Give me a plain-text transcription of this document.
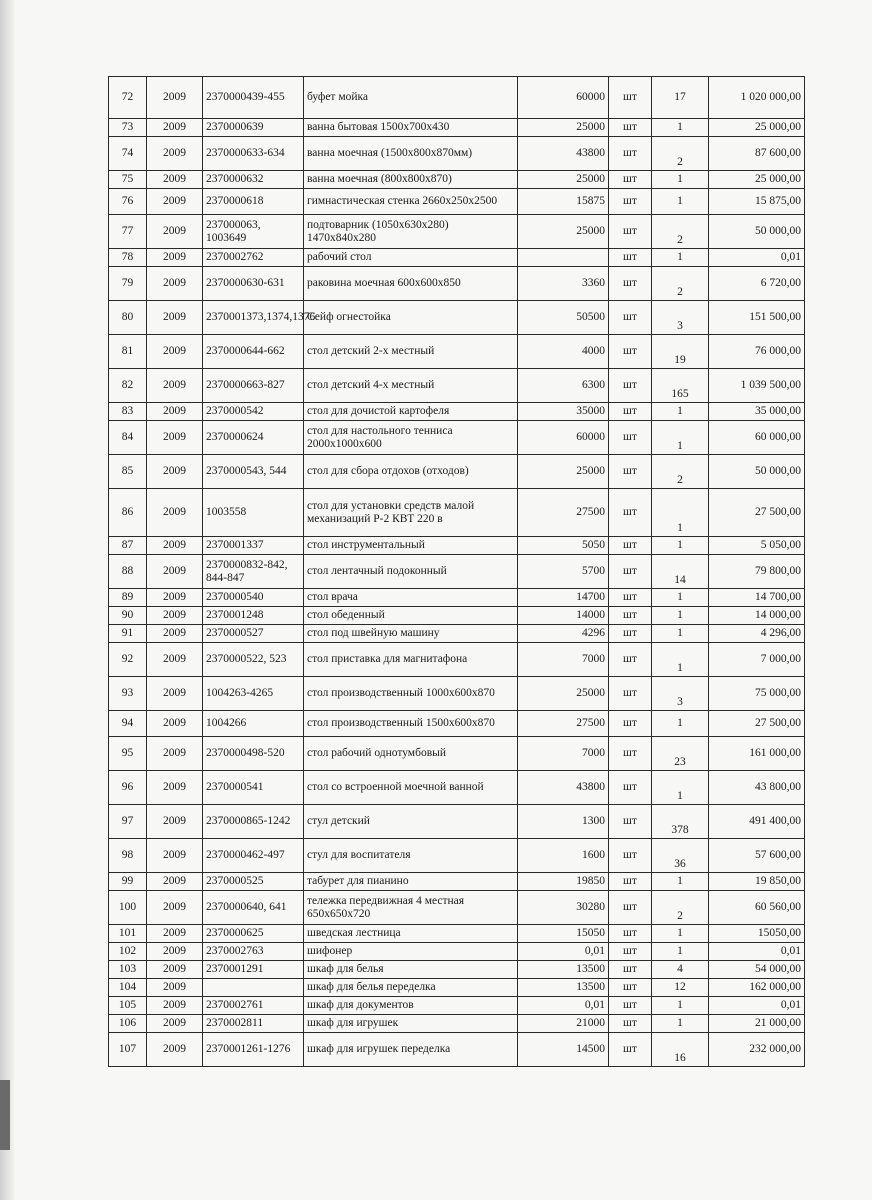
72	2009	2370000439-455	буфет мойка	60000	шт	17	1 020 000,00
73	2009	2370000639	ванна бытовая 1500х700х430	25000	шт	1	25 000,00
74	2009	2370000633-634	ванна моечная (1500х800х870мм)	43800	шт	2	87 600,00
75	2009	2370000632	ванна моечная (800х800х870)	25000	шт	1	25 000,00
76	2009	2370000618	гимнастическая стенка 2660х250х2500	15875	шт	1	15 875,00
77	2009	237000063, 1003649	подтоварник (1050х630х280) 1470х840х280	25000	шт	2	50 000,00
78	2009	2370002762	рабочий стол		шт	1	0,01
79	2009	2370000630-631	раковина моечная 600х600х850	3360	шт	2	6 720,00
80	2009	2370001373,1374,1376	Сейф огнестойка	50500	шт	3	151 500,00
81	2009	2370000644-662	стол детский 2-х местный	4000	шт	19	76 000,00
82	2009	2370000663-827	стол детский 4-х местный	6300	шт	165	1 039 500,00
83	2009	2370000542	стол для дочистой картофеля	35000	шт	1	35 000,00
84	2009	2370000624	стол для настольного тенниса 2000х1000х600	60000	шт	1	60 000,00
85	2009	2370000543, 544	стол для сбора отдохов (отходов)	25000	шт	2	50 000,00
86	2009	1003558	стол для установки средств малой механизаций Р-2 КВТ 220 в	27500	шт	1	27 500,00
87	2009	2370001337	стол инструментальный	5050	шт	1	5 050,00
88	2009	2370000832-842, 844-847	стол лентачный подоконный	5700	шт	14	79 800,00
89	2009	2370000540	стол врача	14700	шт	1	14 700,00
90	2009	2370001248	стол обеденный	14000	шт	1	14 000,00
91	2009	2370000527	стол под швейную машину	4296	шт	1	4 296,00
92	2009	2370000522, 523	стол приставка для магнитафона	7000	шт	1	7 000,00
93	2009	1004263-4265	стол производственный 1000х600х870	25000	шт	3	75 000,00
94	2009	1004266	стол производственный 1500х600х870	27500	шт	1	27 500,00
95	2009	2370000498-520	стол рабочий однотумбовый	7000	шт	23	161 000,00
96	2009	2370000541	стол со встроенной моечной ванной	43800	шт	1	43 800,00
97	2009	2370000865-1242	стул детский	1300	шт	378	491 400,00
98	2009	2370000462-497	стул для воспитателя	1600	шт	36	57 600,00
99	2009	2370000525	табурет для пианино	19850	шт	1	19 850,00
100	2009	2370000640, 641	тележка передвижная 4 местная 650х650х720	30280	шт	2	60 560,00
101	2009	2370000625	шведская лестница	15050	шт	1	15050,00
102	2009	2370002763	шифонер	0,01	шт	1	0,01
103	2009	2370001291	шкаф для белья	13500	шт	4	54 000,00
104	2009		шкаф для белья переделка	13500	шт	12	162 000,00
105	2009	2370002761	шкаф для документов	0,01	шт	1	0,01
106	2009	2370002811	шкаф для игрушек	21000	шт	1	21 000,00
107	2009	2370001261-1276	шкаф для игрушек переделка	14500	шт	16	232 000,00
